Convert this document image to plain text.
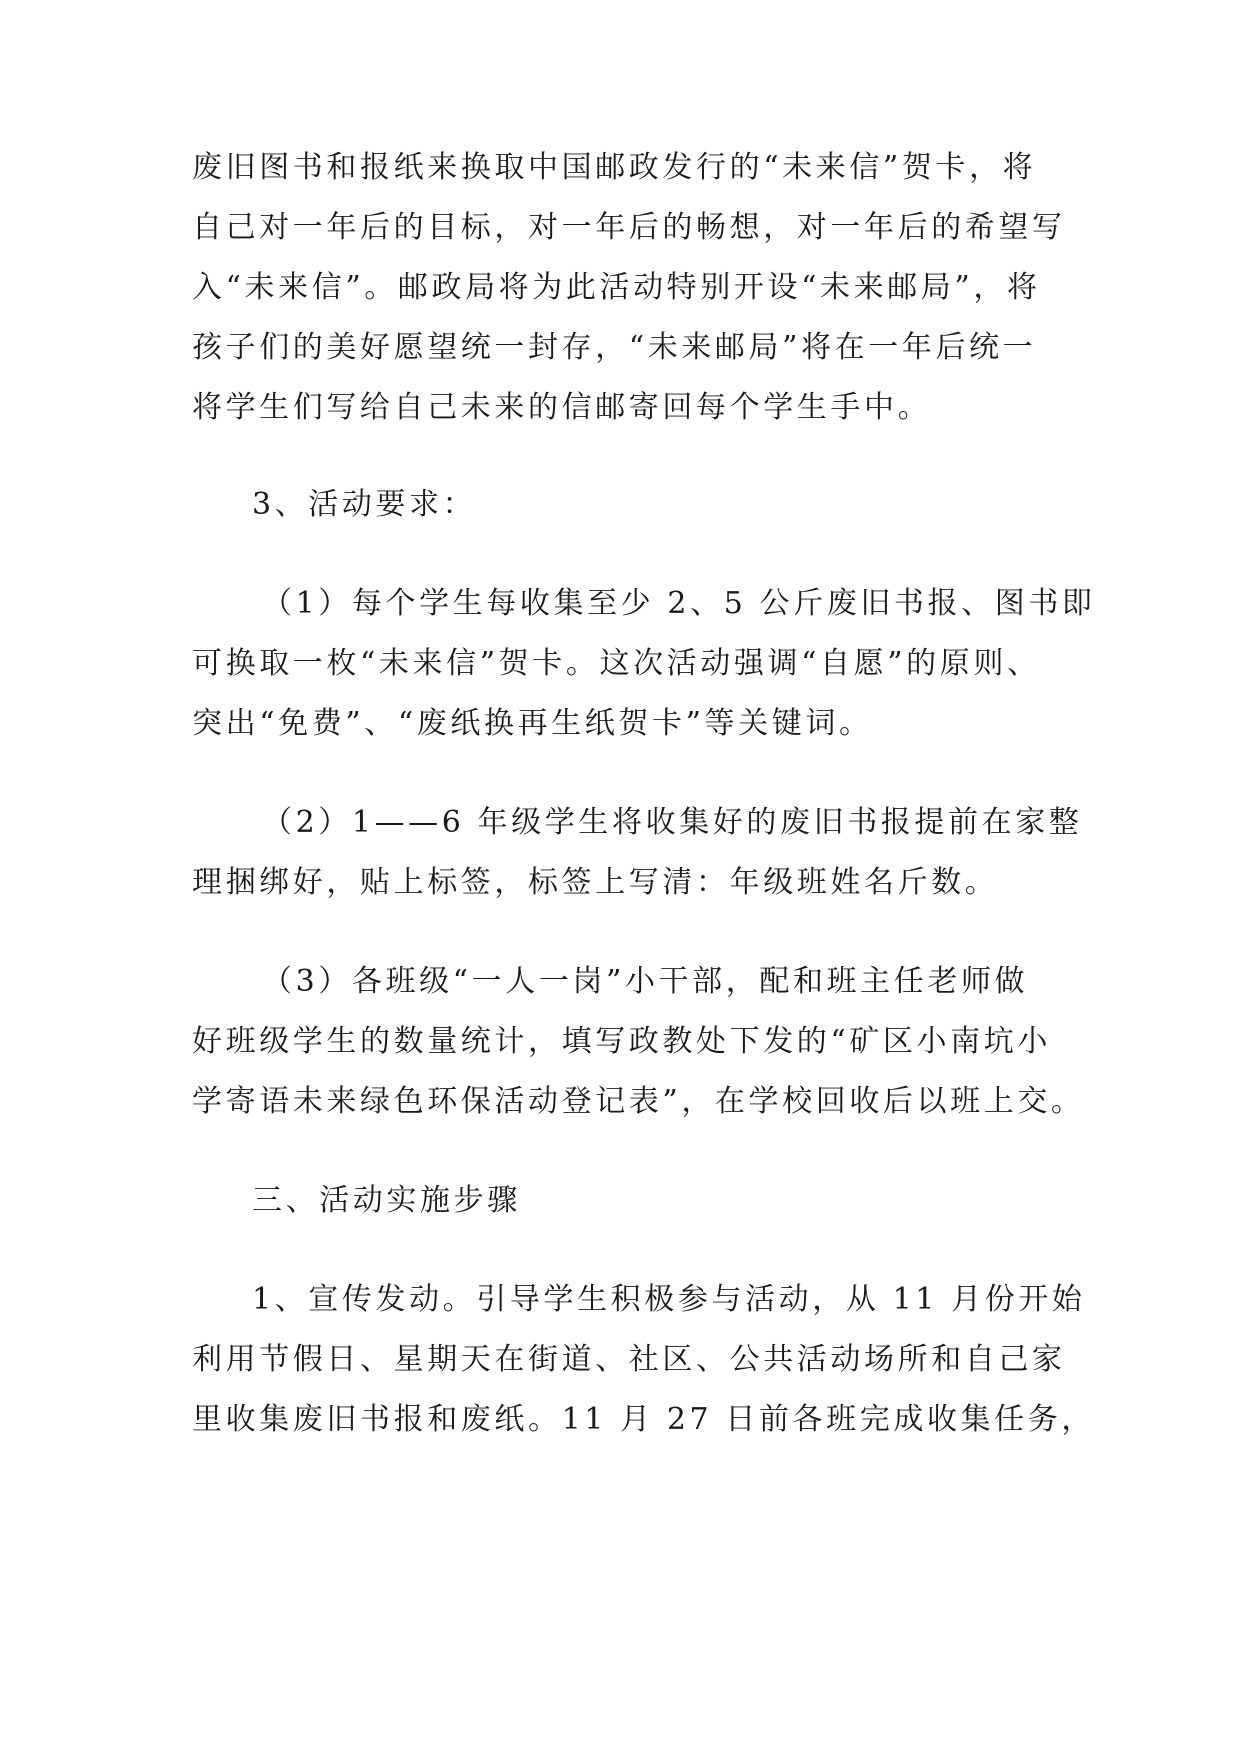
废旧图书和报纸来换取中国邮政发行的“未来信”贺卡，将
自己对一年后的目标，对一年后的畅想，对一年后的希望写
入“未来信”。邮政局将为此活动特别开设“未来邮局”，将
孩子们的美好愿望统一封存，“未来邮局”将在一年后统一
将学生们写给自己未来的信邮寄回每个学生手中。
3、活动要求：
（1）每个学生每收集至少 2、5 公斤废旧书报、图书即
可换取一枚“未来信”贺卡。这次活动强调“自愿”的原则、
突出“免费”、“废纸换再生纸贺卡”等关键词。
（2）1——6 年级学生将收集好的废旧书报提前在家整
理捆绑好，贴上标签，标签上写清：年级班姓名斤数。
（3）各班级“一人一岗”小干部，配和班主任老师做
好班级学生的数量统计，填写政教处下发的“矿区小南坑小
学寄语未来绿色环保活动登记表”，在学校回收后以班上交。
三、活动实施步骤
1、宣传发动。引导学生积极参与活动，从 11 月份开始
利用节假日、星期天在街道、社区、公共活动场所和自己家
里收集废旧书报和废纸。11 月 27 日前各班完成收集任务，
